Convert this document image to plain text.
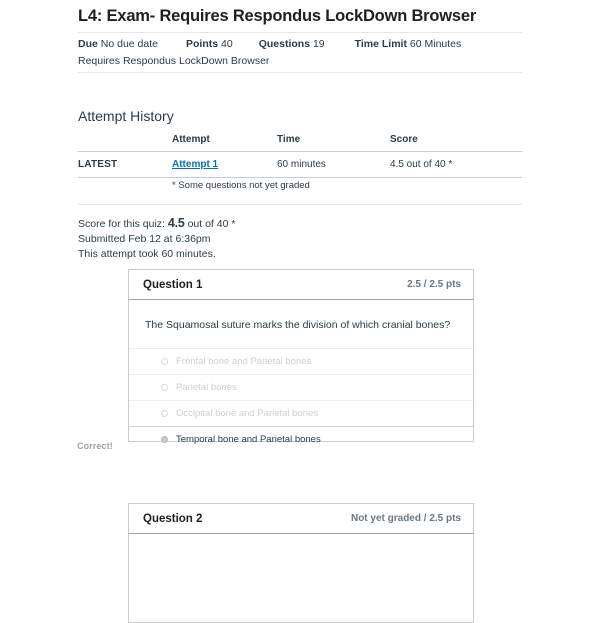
L4: Exam- Requires Respondus LockDown Browser
Due No due date	Points 40 Questions 19	Time Limit 60 Minutes
Requires Respondus LockDown Browser
Attempt History
	Attempt	Time	Score
LATEST	Attempt 1	60 minutes	4.5 out of 40 *
* Some questions not yet graded
Score for this quiz: 4.5 out of 40 *
Submitted Feb 12 at 6:36pm
This attempt took 60 minutes.
Question 1	2.5 / 2.5 pts
The Squamosal suture marks the division of which cranial bones?
Frontal bone and Parietal bones
Parietal bones
Occipital bone and Parietal bones
Temporal bone and Parietal bones
Correct!
Question 2	Not yet graded / 2.5 pts
